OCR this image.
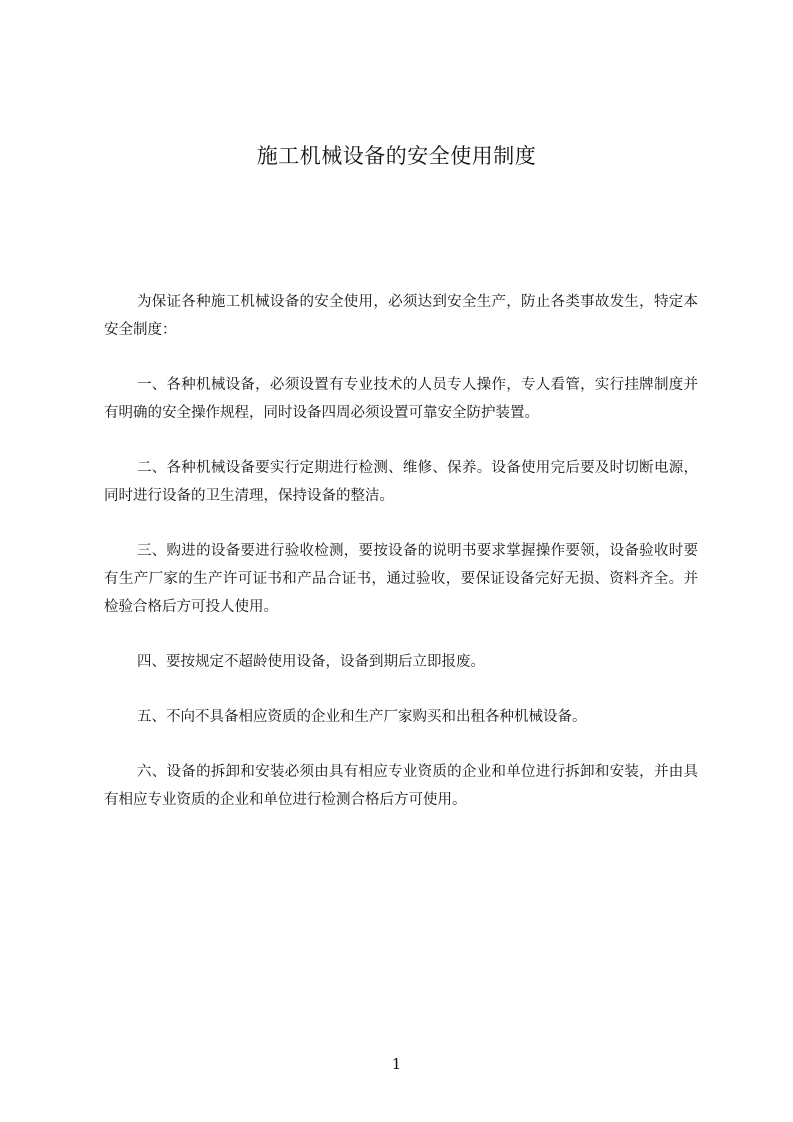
施工机械设备的安全使用制度

为保证各种施工机械设备的安全使用，必须达到安全生产，防止各类事故发生，特定本安全制度：

一、各种机械设备，必须设置有专业技术的人员专人操作，专人看管，实行挂牌制度并有明确的安全操作规程，同时设备四周必须设置可靠安全防护装置。

二、各种机械设备要实行定期进行检测、维修、保养。设备使用完后要及时切断电源，同时进行设备的卫生清理，保持设备的整洁。

三、购进的设备要进行验收检测，要按设备的说明书要求掌握操作要领，设备验收时要有生产厂家的生产许可证书和产品合证书，通过验收，要保证设备完好无损、资料齐全。并检验合格后方可投人使用。

四、要按规定不超龄使用设备，设备到期后立即报废。

五、不向不具备相应资质的企业和生产厂家购买和出租各种机械设备。

六、设备的拆卸和安装必须由具有相应专业资质的企业和单位进行拆卸和安装，并由具有相应专业资质的企业和单位进行检测合格后方可使用。

1
